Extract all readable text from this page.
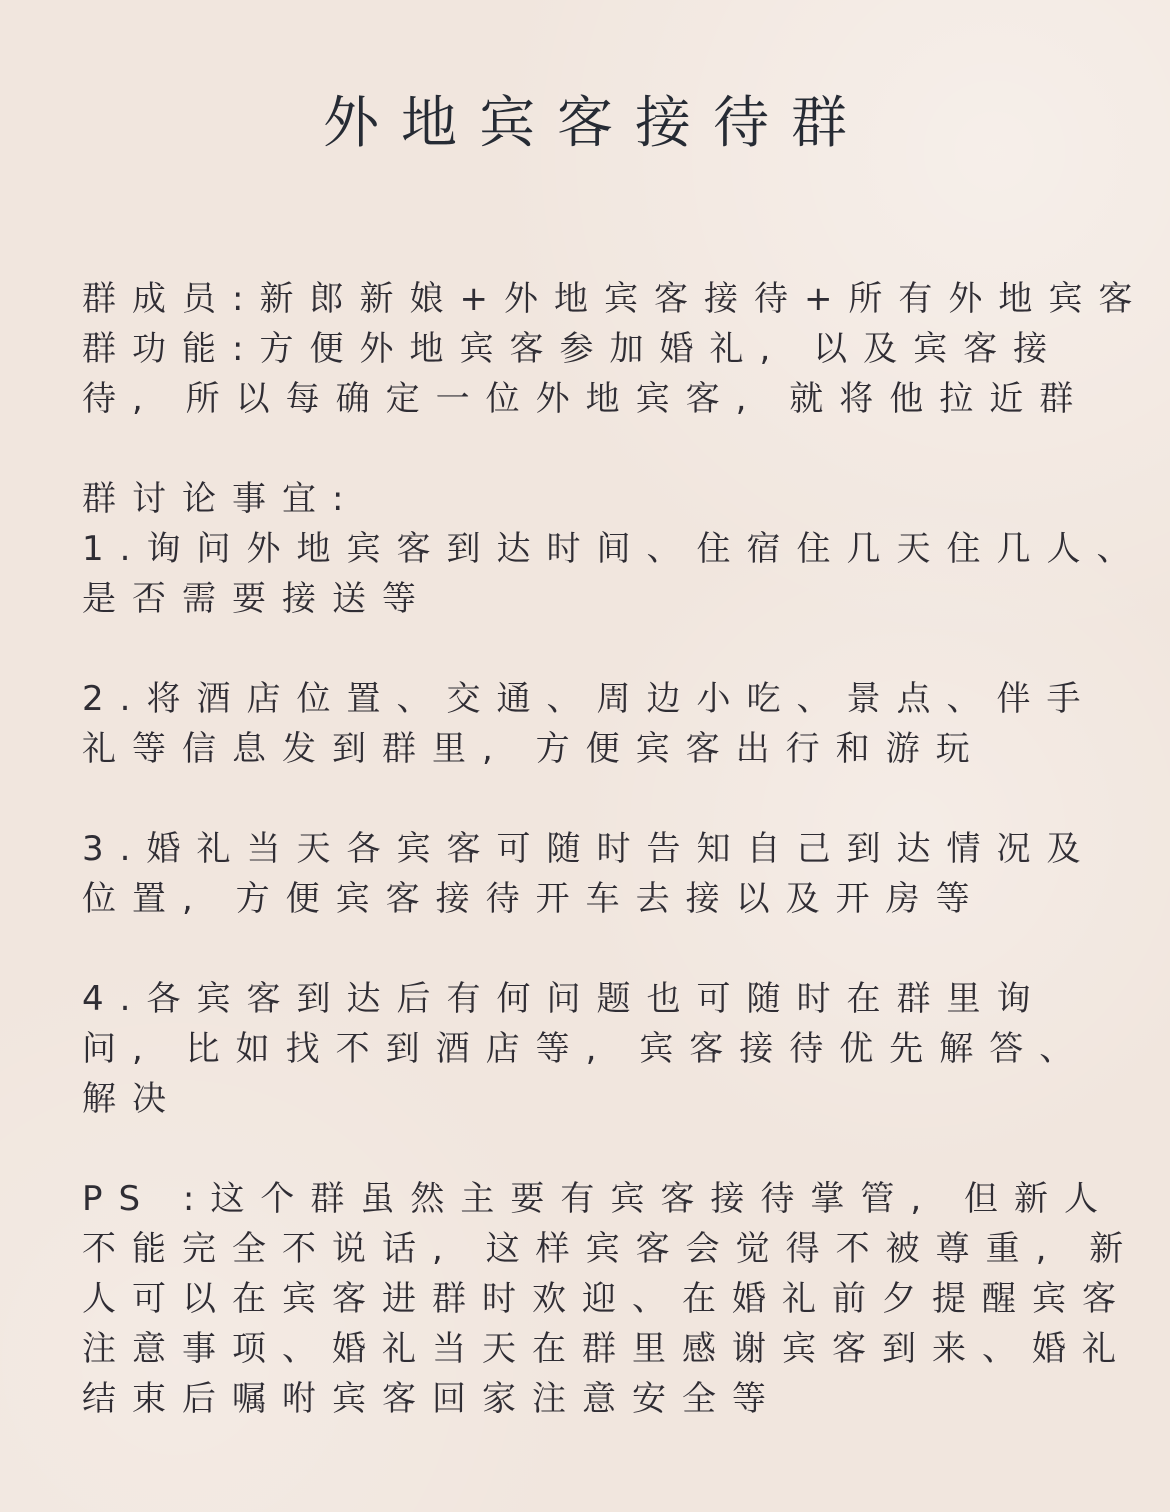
外地宾客接待群
群成员:新郎新娘+外地宾客接待+所有外地宾客
群功能:方便外地宾客参加婚礼, 以及宾客接
待, 所以每确定一位外地宾客, 就将他拉近群
群讨论事宜:
1.询问外地宾客到达时间、住宿住几天住几人、
是否需要接送等
2.将酒店位置、交通、周边小吃、景点、伴手
礼等信息发到群里, 方便宾客出行和游玩
3.婚礼当天各宾客可随时告知自己到达情况及
位置, 方便宾客接待开车去接以及开房等
4.各宾客到达后有何问题也可随时在群里询
问, 比如找不到酒店等, 宾客接待优先解答、
解决
PS :这个群虽然主要有宾客接待掌管, 但新人
不能完全不说话, 这样宾客会觉得不被尊重, 新
人可以在宾客进群时欢迎、在婚礼前夕提醒宾客
注意事项、婚礼当天在群里感谢宾客到来、婚礼
结束后嘱咐宾客回家注意安全等
